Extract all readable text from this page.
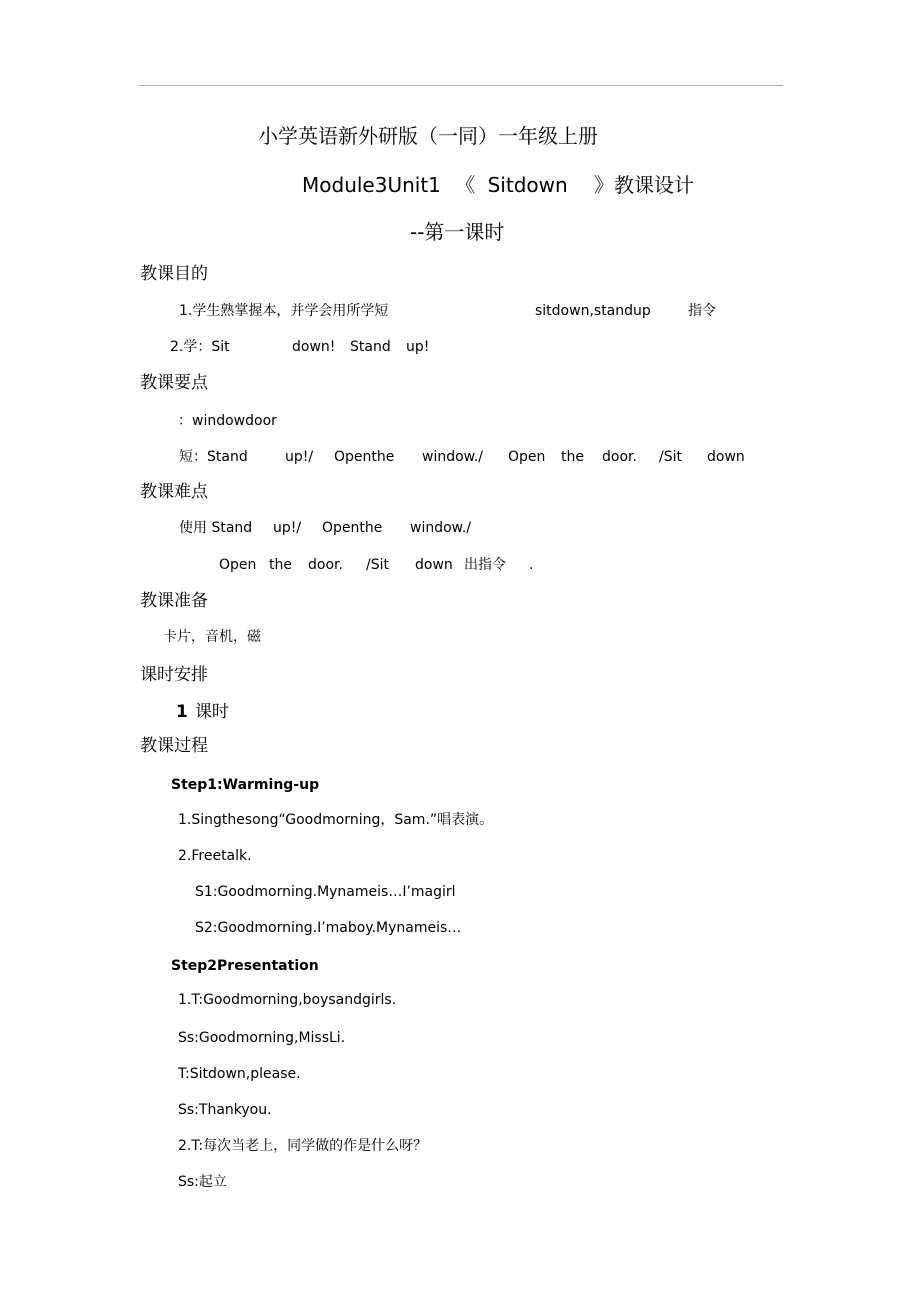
小学英语新外研版（一同）一年级上册
Module3Unit1 《 Sitdown 》教课设计
--第一课时
教课目的
1.学生熟掌握本，并学会用所学短	sitdown,standup	指令
2.学：Sit	down! Stand up!
教课要点
：windowdoor
短：Stand	up!/ Openthe window./ Open the door. /Sit down
教课难点
使用 Stand up!/ Openthe window./
Open the door. /Sit down 出指令 .
教课准备
卡片，音机，磁
课时安排
1 课时
教课过程
Step1:Warming-up
1.Singthesong“Goodmorning，Sam.”唱表演。
2.Freetalk.
S1:Goodmorning.Mynameis…I’magirl
S2:Goodmorning.I’maboy.Mynameis…
Step2Presentation
1.T:Goodmorning,boysandgirls.
Ss:Goodmorning,MissLi.
T:Sitdown,please.
Ss:Thankyou.
2.T:每次当老上，同学做的作是什么呀？
Ss:起立
